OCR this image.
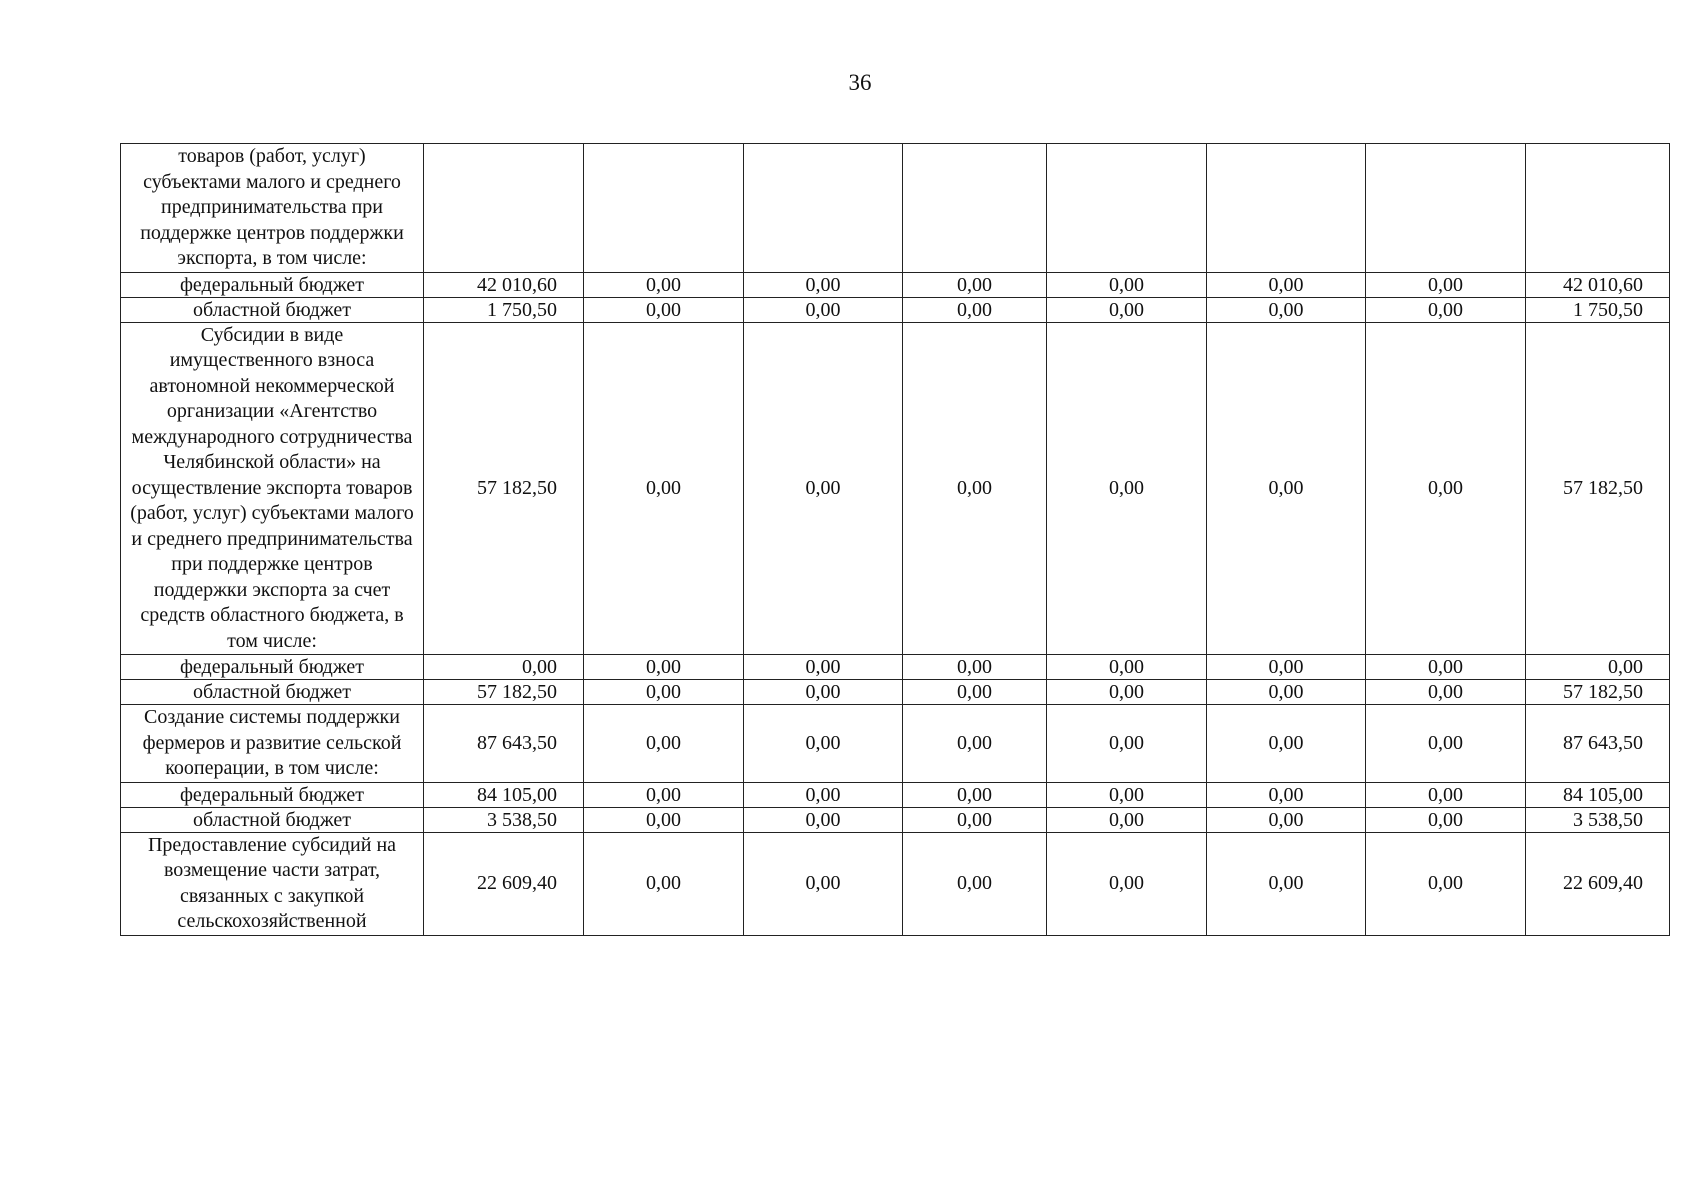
36
товаров (работ, услуг) субъектами малого и среднего предпринимательства при поддержке центров поддержки экспорта, в том числе:								
федеральный бюджет	42 010,60	0,00	0,00	0,00	0,00	0,00	0,00	42 010,60
областной бюджет	1 750,50	0,00	0,00	0,00	0,00	0,00	0,00	1 750,50
Субсидии в виде имущественного взноса автономной некоммерческой организации «Агентство международного сотрудничества Челябинской области» на осуществление экспорта товаров (работ, услуг) субъектами малого и среднего предпринимательства при поддержке центров поддержки экспорта за счет средств областного бюджета, в том числе:	57 182,50	0,00	0,00	0,00	0,00	0,00	0,00	57 182,50
федеральный бюджет	0,00	0,00	0,00	0,00	0,00	0,00	0,00	0,00
областной бюджет	57 182,50	0,00	0,00	0,00	0,00	0,00	0,00	57 182,50
Создание системы поддержки фермеров и развитие сельской кооперации, в том числе:	87 643,50	0,00	0,00	0,00	0,00	0,00	0,00	87 643,50
федеральный бюджет	84 105,00	0,00	0,00	0,00	0,00	0,00	0,00	84 105,00
областной бюджет	3 538,50	0,00	0,00	0,00	0,00	0,00	0,00	3 538,50
Предоставление субсидий на возмещение части затрат, связанных с закупкой сельскохозяйственной	22 609,40	0,00	0,00	0,00	0,00	0,00	0,00	22 609,40
